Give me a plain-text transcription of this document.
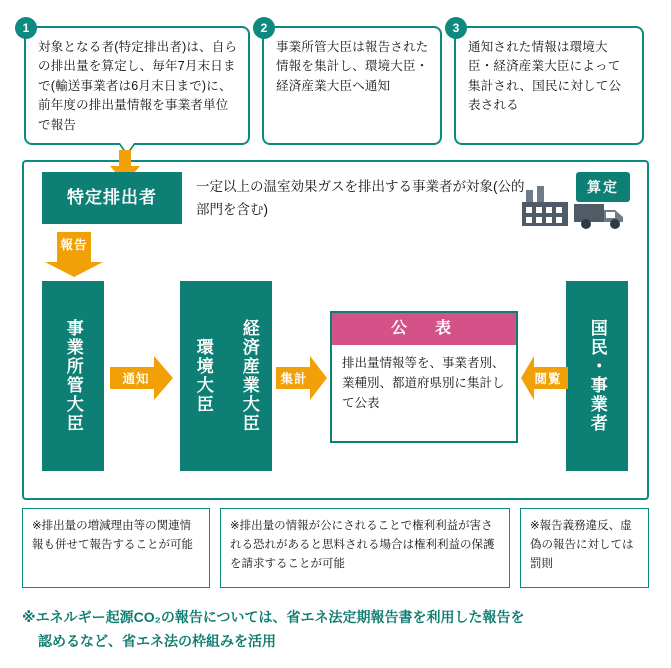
1
対象となる者(特定排出者)は、自らの排出量を算定し、毎年7月末日まで(輸送事業者は6月末日まで)に、前年度の排出量情報を事業者単位で報告
2
事業所管大臣は報告された情報を集計し、環境大臣・経済産業大臣へ通知
3
通知された情報は環境大臣・経済産業大臣によって集計され、国民に対して公表される
特定排出者
一定以上の温室効果ガスを排出する事業者が対象(公的部門を含む)
算定
報告
事業所管大臣	環境大臣	経済産業大臣	国民・事業者
通知	集計	閲覧
公　表
排出量情報等を、事業者別、業種別、都道府県別に集計して公表
※排出量の増減理由等の関連情報も併せて報告することが可能
※排出量の情報が公にされることで権利利益が害される恐れがあると思料される場合は権利利益の保護を請求することが可能
※報告義務違反、虚偽の報告に対しては罰則
※エネルギー起源CO₂の報告については、省エネ法定期報告書を利用した報告を
認めるなど、省エネ法の枠組みを活用
